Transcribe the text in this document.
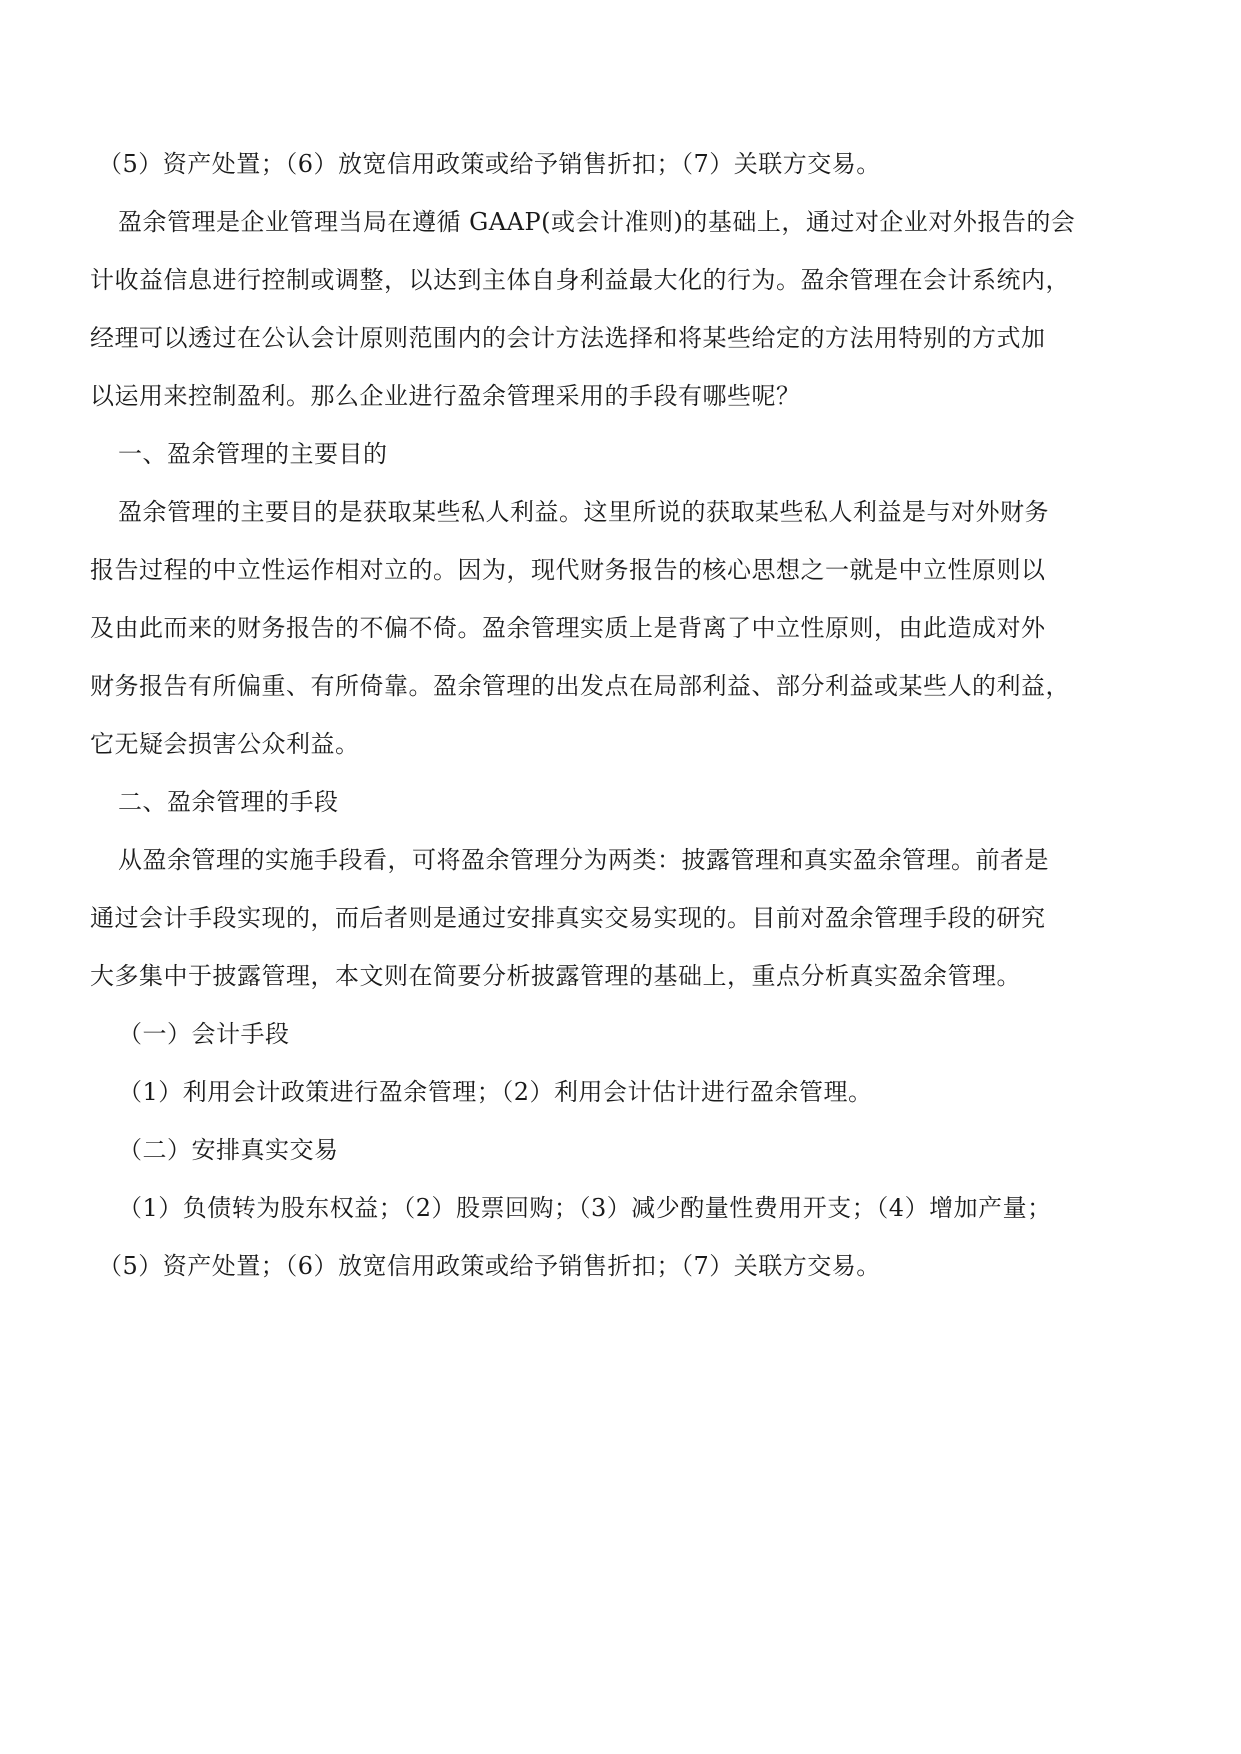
（5）资产处置；（6）放宽信用政策或给予销售折扣；（7）关联方交易。
盈余管理是企业管理当局在遵循 GAAP(或会计准则)的基础上，通过对企业对外报告的会
计收益信息进行控制或调整，以达到主体自身利益最大化的行为。盈余管理在会计系统内，
经理可以透过在公认会计原则范围内的会计方法选择和将某些给定的方法用特别的方式加
以运用来控制盈利。那么企业进行盈余管理采用的手段有哪些呢？
一、盈余管理的主要目的
盈余管理的主要目的是获取某些私人利益。这里所说的获取某些私人利益是与对外财务
报告过程的中立性运作相对立的。因为，现代财务报告的核心思想之一就是中立性原则以
及由此而来的财务报告的不偏不倚。盈余管理实质上是背离了中立性原则，由此造成对外
财务报告有所偏重、有所倚靠。盈余管理的出发点在局部利益、部分利益或某些人的利益，
它无疑会损害公众利益。
二、盈余管理的手段
从盈余管理的实施手段看，可将盈余管理分为两类：披露管理和真实盈余管理。前者是
通过会计手段实现的，而后者则是通过安排真实交易实现的。目前对盈余管理手段的研究
大多集中于披露管理，本文则在简要分析披露管理的基础上，重点分析真实盈余管理。
（一）会计手段
（1）利用会计政策进行盈余管理；（2）利用会计估计进行盈余管理。
（二）安排真实交易
（1）负债转为股东权益；（2）股票回购；（3）减少酌量性费用开支；（4）增加产量；
（5）资产处置；（6）放宽信用政策或给予销售折扣；（7）关联方交易。
